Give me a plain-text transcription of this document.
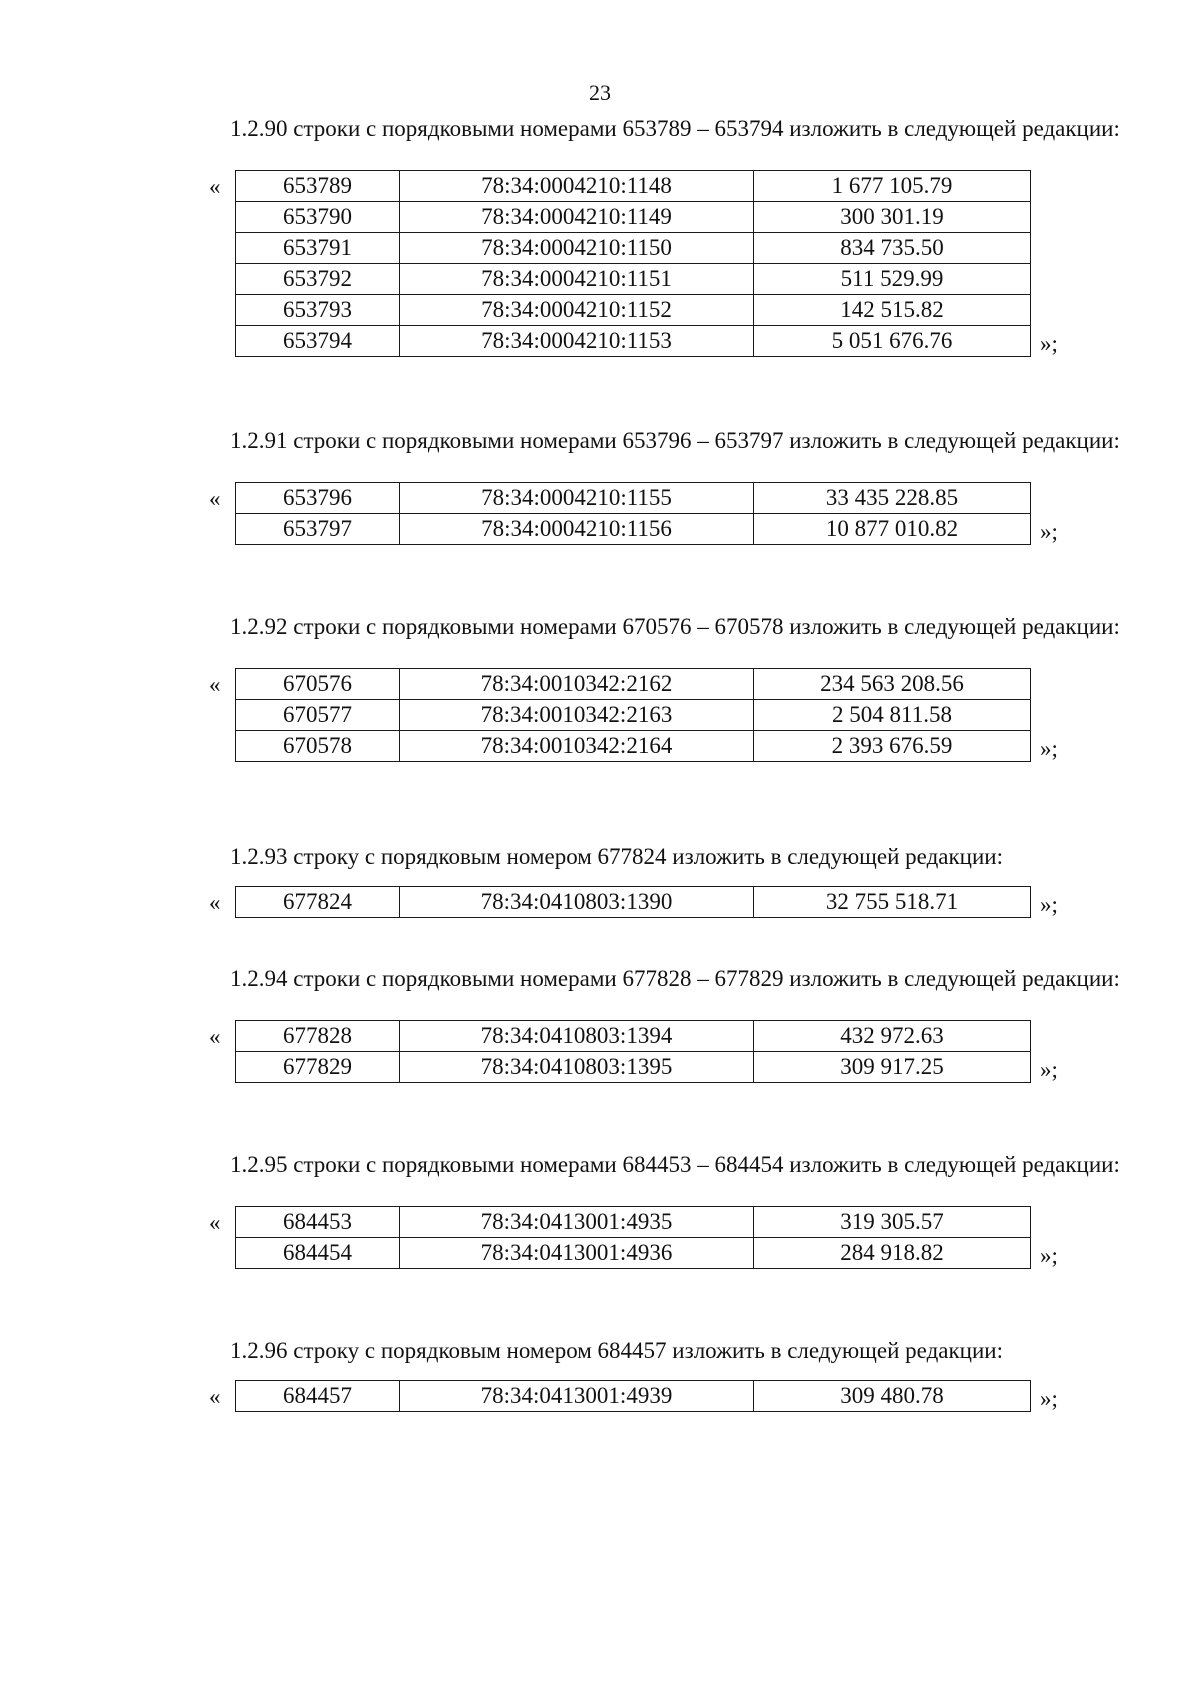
23

1.2.90 строки с порядковыми номерами 653789 – 653794 изложить в следующей редакции:

«	653789	78:34:0004210:1148	1 677 105.79
653790	78:34:0004210:1149	300 301.19
653791	78:34:0004210:1150	834 735.50
653792	78:34:0004210:1151	511 529.99
653793	78:34:0004210:1152	142 515.82
653794	78:34:0004210:1153	5 051 676.76	»;

1.2.91 строки с порядковыми номерами 653796 – 653797 изложить в следующей редакции:

«	653796	78:34:0004210:1155	33 435 228.85
653797	78:34:0004210:1156	10 877 010.82	»;

1.2.92 строки с порядковыми номерами 670576 – 670578 изложить в следующей редакции:

«	670576	78:34:0010342:2162	234 563 208.56
670577	78:34:0010342:2163	2 504 811.58
670578	78:34:0010342:2164	2 393 676.59	»;

1.2.93 строку с порядковым номером 677824 изложить в следующей редакции:

«	677824	78:34:0410803:1390	32 755 518.71	»;

1.2.94 строки с порядковыми номерами 677828 – 677829 изложить в следующей редакции:

«	677828	78:34:0410803:1394	432 972.63
677829	78:34:0410803:1395	309 917.25	»;

1.2.95 строки с порядковыми номерами 684453 – 684454 изложить в следующей редакции:

«	684453	78:34:0413001:4935	319 305.57
684454	78:34:0413001:4936	284 918.82	»;

1.2.96 строку с порядковым номером 684457 изложить в следующей редакции:

«	684457	78:34:0413001:4939	309 480.78	»;
